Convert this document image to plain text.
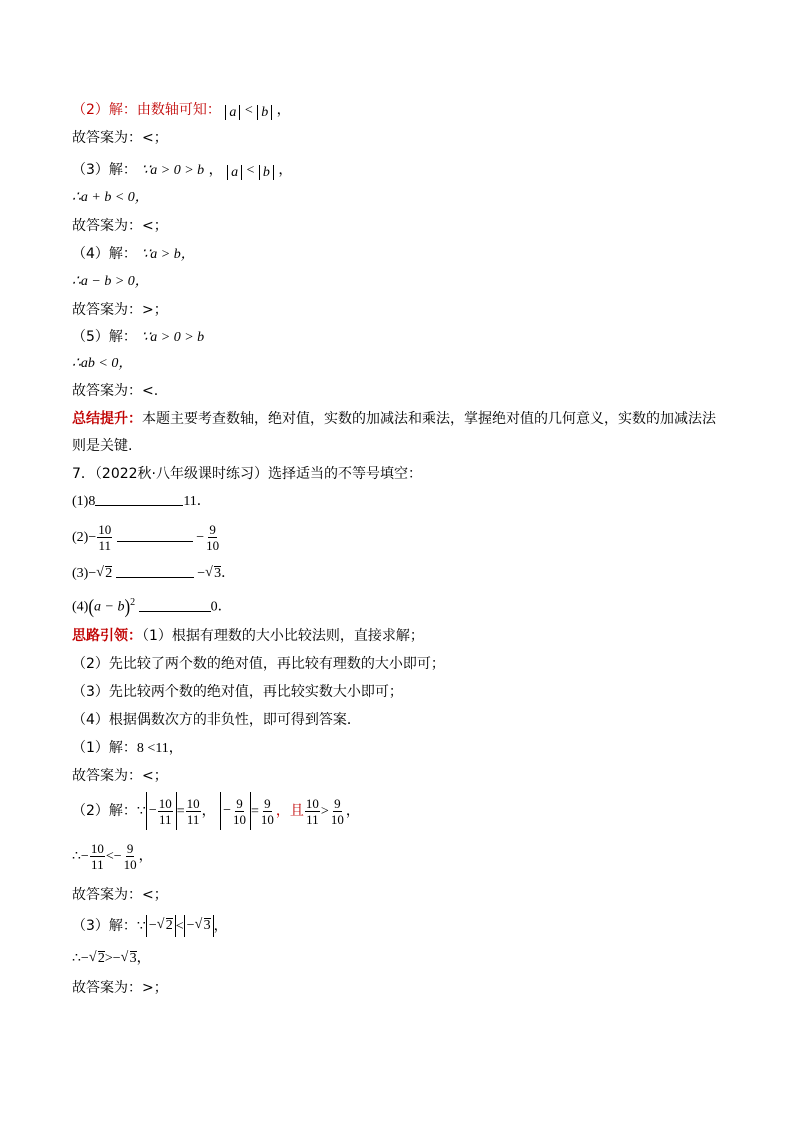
（2）解：由数轴可知： a < b ，
故答案为：<；
（3）解： ∵a > 0 > b ， a < b ，
∴a + b < 0，
故答案为：<；
（4）解： ∵a > b，
∴a − b > 0，
故答案为：>；
（5）解： ∵a > 0 > b
∴ab < 0，
故答案为：<.
总结提升：本题主要考查数轴，绝对值，实数的加减法和乘法，掌握绝对值的几何意义，实数的加减法法
则是关键.
7．（2022秋·八年级课时练习）选择适当的不等号填空：
(1)8	11．
$(2)- \frac{10}{11}$	− $\frac{9}{10}$
(3)− √ 2	− √ 3．
$(4)(a - b)^2$	0．
思路引领：（1）根据有理数的大小比较法则，直接求解；
（2）先比较了两个数的绝对值，再比较有理数的大小即可；
（3）先比较两个数的绝对值，再比较实数大小即可；
（4）根据偶数次方的非负性，即可得到答案．
（1）解：8 <11，
故答案为：<；
（2）解：∵ − $\frac{10}{11} = \frac{10}{11}$ ， − $\frac{9}{10} = \frac{9}{10}$ ，且 $\frac{10}{11} > \frac{9}{10}$ ，
∴− $\frac{10}{11} <- \frac{9}{10}$ ，
故答案为：<；
（3）解：∵ − √ 2 < − √ 3 ，
∴− √ 2>− √ 3，
故答案为：>；
